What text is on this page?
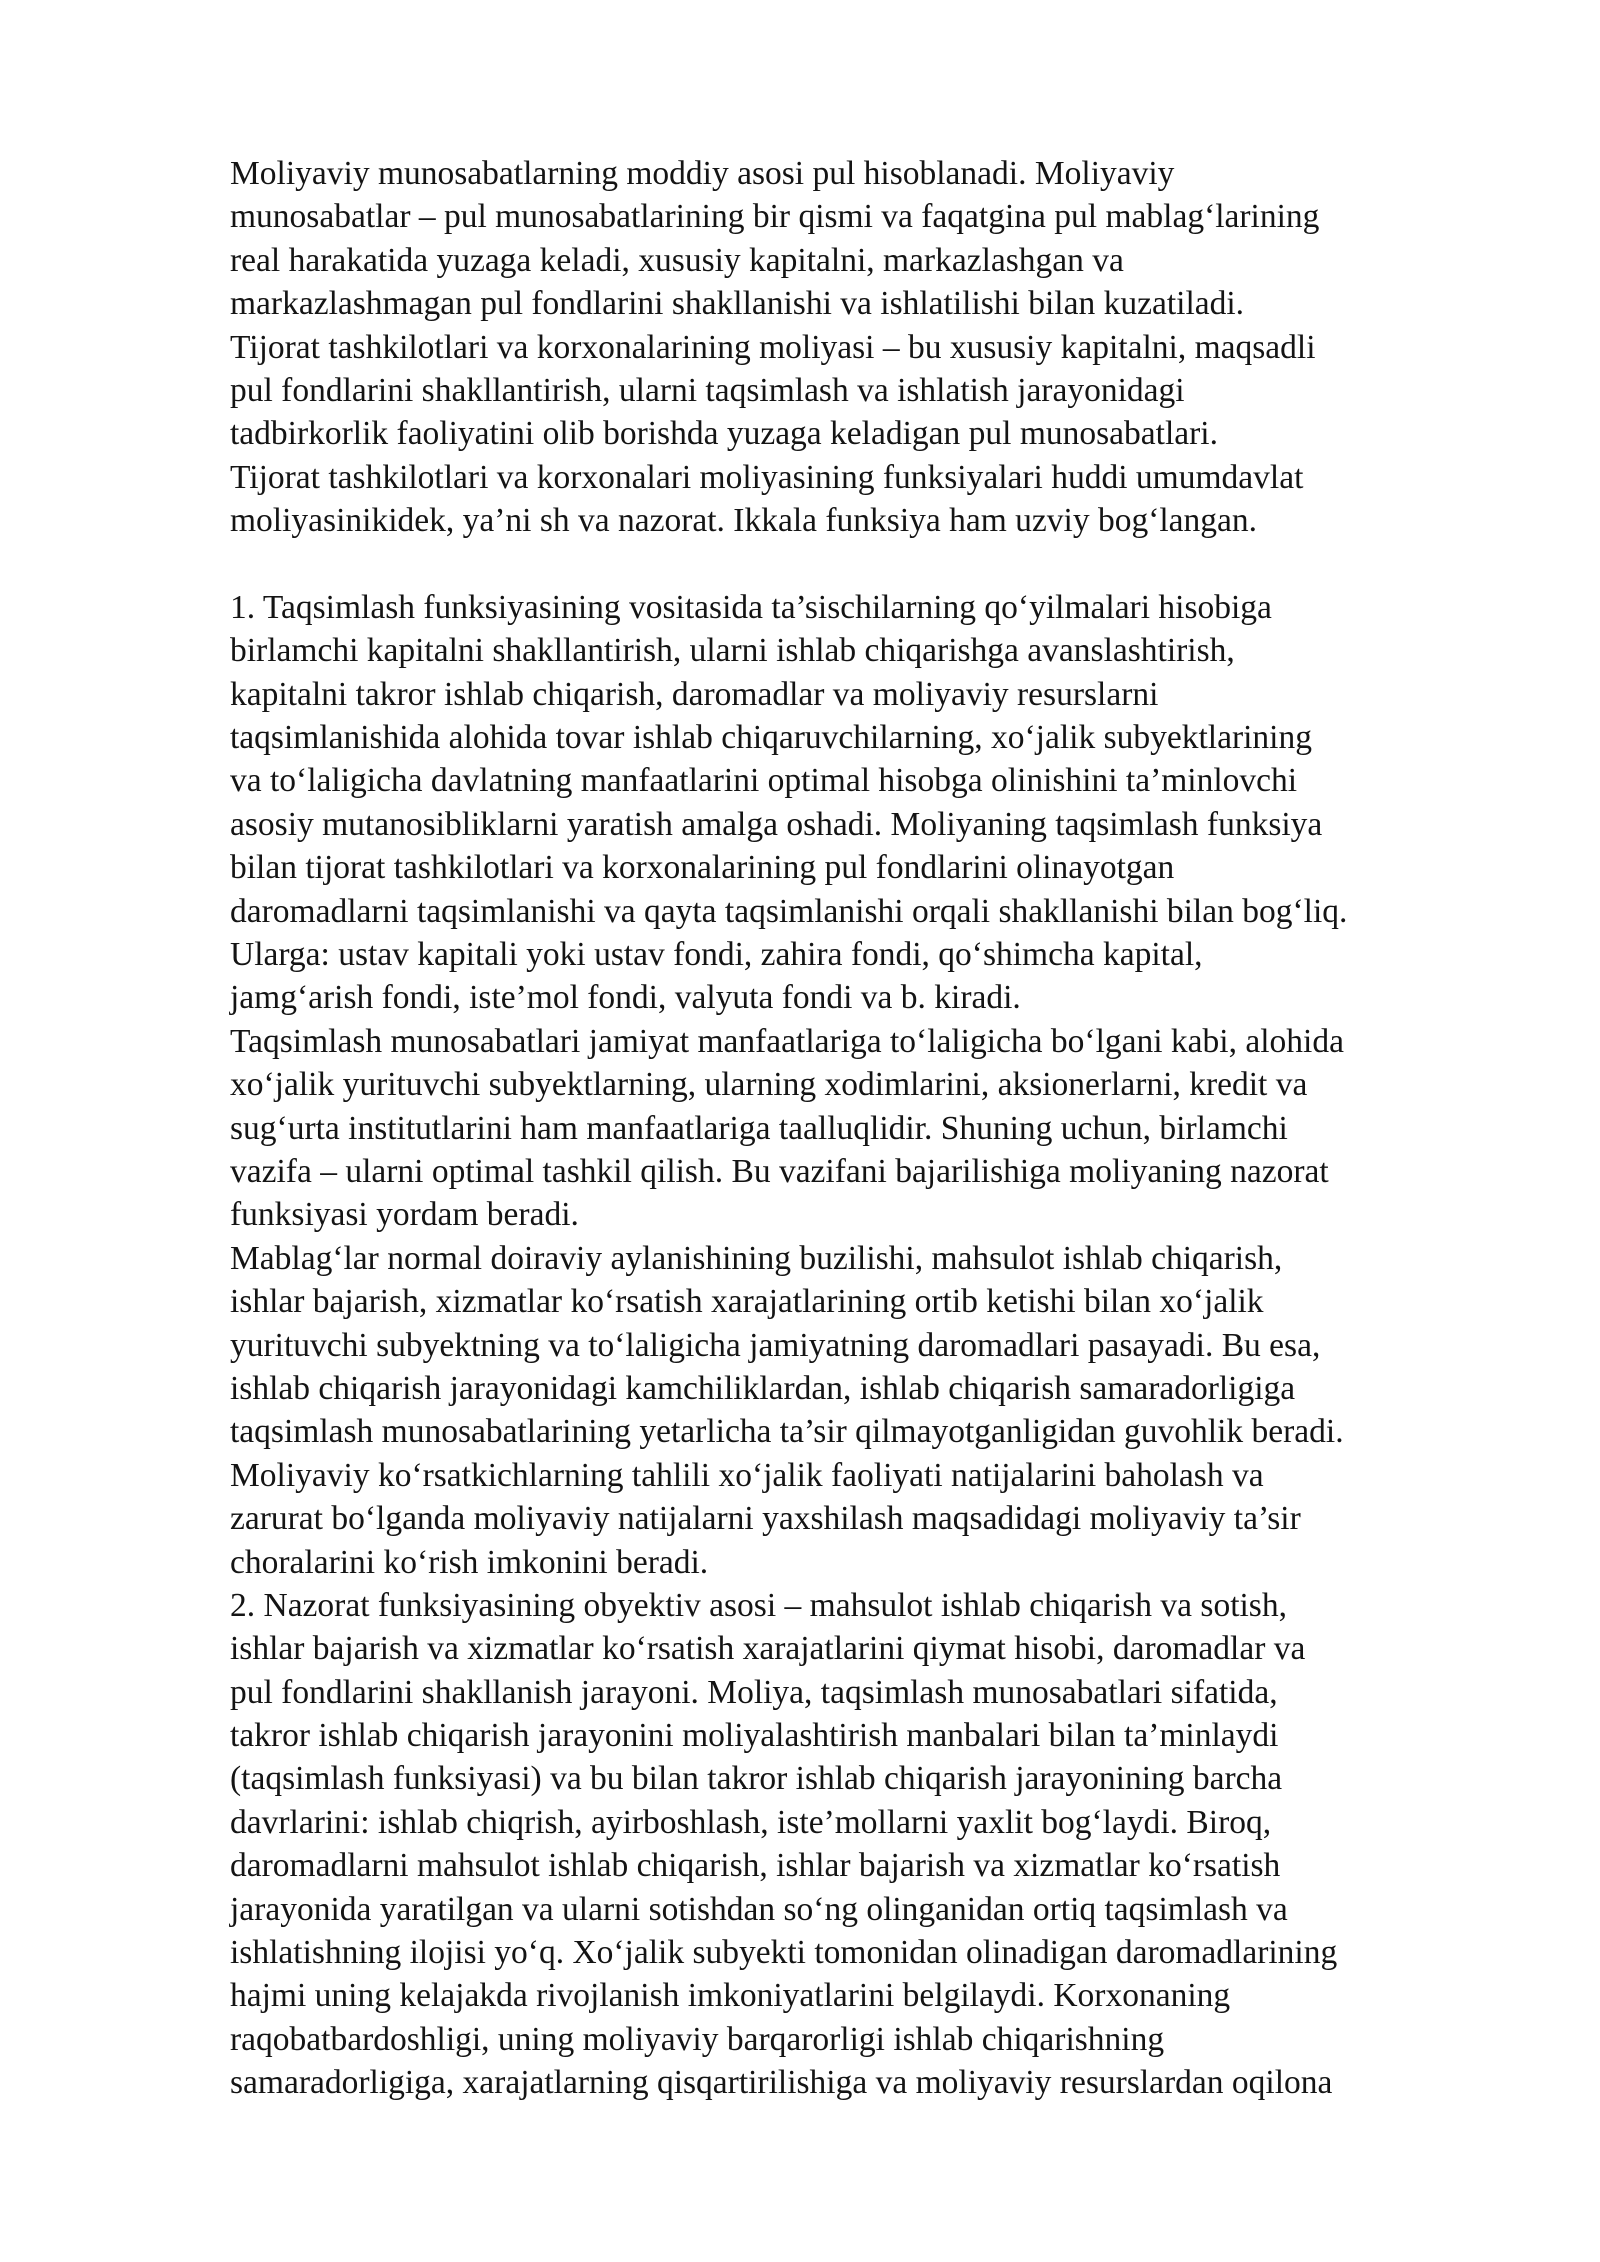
Moliyaviy munosabatlarning moddiy asosi pul hisoblanadi. Moliyaviy
munosabatlar – pul munosabatlarining bir qismi va faqatgina pul mablag‘larining
real harakatida yuzaga keladi, xususiy kapitalni, markazlashgan va
markazlashmagan pul fondlarini shakllanishi va ishlatilishi bilan kuzatiladi.
Tijorat tashkilotlari va korxonalarining moliyasi – bu xususiy kapitalni, maqsadli
pul fondlarini shakllantirish, ularni taqsimlash va ishlatish jarayonidagi
tadbirkorlik faoliyatini olib borishda yuzaga keladigan pul munosabatlari.
Tijorat tashkilotlari va korxonalari moliyasining funksiyalari huddi umumdavlat
moliyasinikidek, ya’ni sh va nazorat. Ikkala funksiya ham uzviy bog‘langan.
1. Taqsimlash funksiyasining vositasida ta’sischilarning qo‘yilmalari hisobiga
birlamchi kapitalni shakllantirish, ularni ishlab chiqarishga avanslashtirish,
kapitalni takror ishlab chiqarish, daromadlar va moliyaviy resurslarni
taqsimlanishida alohida tovar ishlab chiqaruvchilarning, xo‘jalik subyektlarining
va to‘laligicha davlatning manfaatlarini optimal hisobga olinishini ta’minlovchi
asosiy mutanosibliklarni yaratish amalga oshadi. Moliyaning taqsimlash funksiya
bilan tijorat tashkilotlari va korxonalarining pul fondlarini olinayotgan
daromadlarni taqsimlanishi va qayta taqsimlanishi orqali shakllanishi bilan bog‘liq.
Ularga: ustav kapitali yoki ustav fondi, zahira fondi, qo‘shimcha kapital,
jamg‘arish fondi, iste’mol fondi, valyuta fondi va b. kiradi.
Taqsimlash munosabatlari jamiyat manfaatlariga to‘laligicha bo‘lgani kabi, alohida
xo‘jalik yurituvchi subyektlarning, ularning xodimlarini, aksionerlarni, kredit va
sug‘urta institutlarini ham manfaatlariga taalluqlidir. Shuning uchun, birlamchi
vazifa – ularni optimal tashkil qilish. Bu vazifani bajarilishiga moliyaning nazorat
funksiyasi yordam beradi.
Mablag‘lar normal doiraviy aylanishining buzilishi, mahsulot ishlab chiqarish,
ishlar bajarish, xizmatlar ko‘rsatish xarajatlarining ortib ketishi bilan xo‘jalik
yurituvchi subyektning va to‘laligicha jamiyatning daromadlari pasayadi. Bu esa,
ishlab chiqarish jarayonidagi kamchiliklardan, ishlab chiqarish samaradorligiga
taqsimlash munosabatlarining yetarlicha ta’sir qilmayotganligidan guvohlik beradi.
Moliyaviy ko‘rsatkichlarning tahlili xo‘jalik faoliyati natijalarini baholash va
zarurat bo‘lganda moliyaviy natijalarni yaxshilash maqsadidagi moliyaviy ta’sir
choralarini ko‘rish imkonini beradi.
2. Nazorat funksiyasining obyektiv asosi – mahsulot ishlab chiqarish va sotish,
ishlar bajarish va xizmatlar ko‘rsatish xarajatlarini qiymat hisobi, daromadlar va
pul fondlarini shakllanish jarayoni. Moliya, taqsimlash munosabatlari sifatida,
takror ishlab chiqarish jarayonini moliyalashtirish manbalari bilan ta’minlaydi
(taqsimlash funksiyasi) va bu bilan takror ishlab chiqarish jarayonining barcha
davrlarini: ishlab chiqrish, ayirboshlash, iste’mollarni yaxlit bog‘laydi. Biroq,
daromadlarni mahsulot ishlab chiqarish, ishlar bajarish va xizmatlar ko‘rsatish
jarayonida yaratilgan va ularni sotishdan so‘ng olinganidan ortiq taqsimlash va
ishlatishning ilojisi yo‘q. Xo‘jalik subyekti tomonidan olinadigan daromadlarining
hajmi uning kelajakda rivojlanish imkoniyatlarini belgilaydi. Korxonaning
raqobatbardoshligi, uning moliyaviy barqarorligi ishlab chiqarishning
samaradorligiga, xarajatlarning qisqartirilishiga va moliyaviy resurslardan oqilona
